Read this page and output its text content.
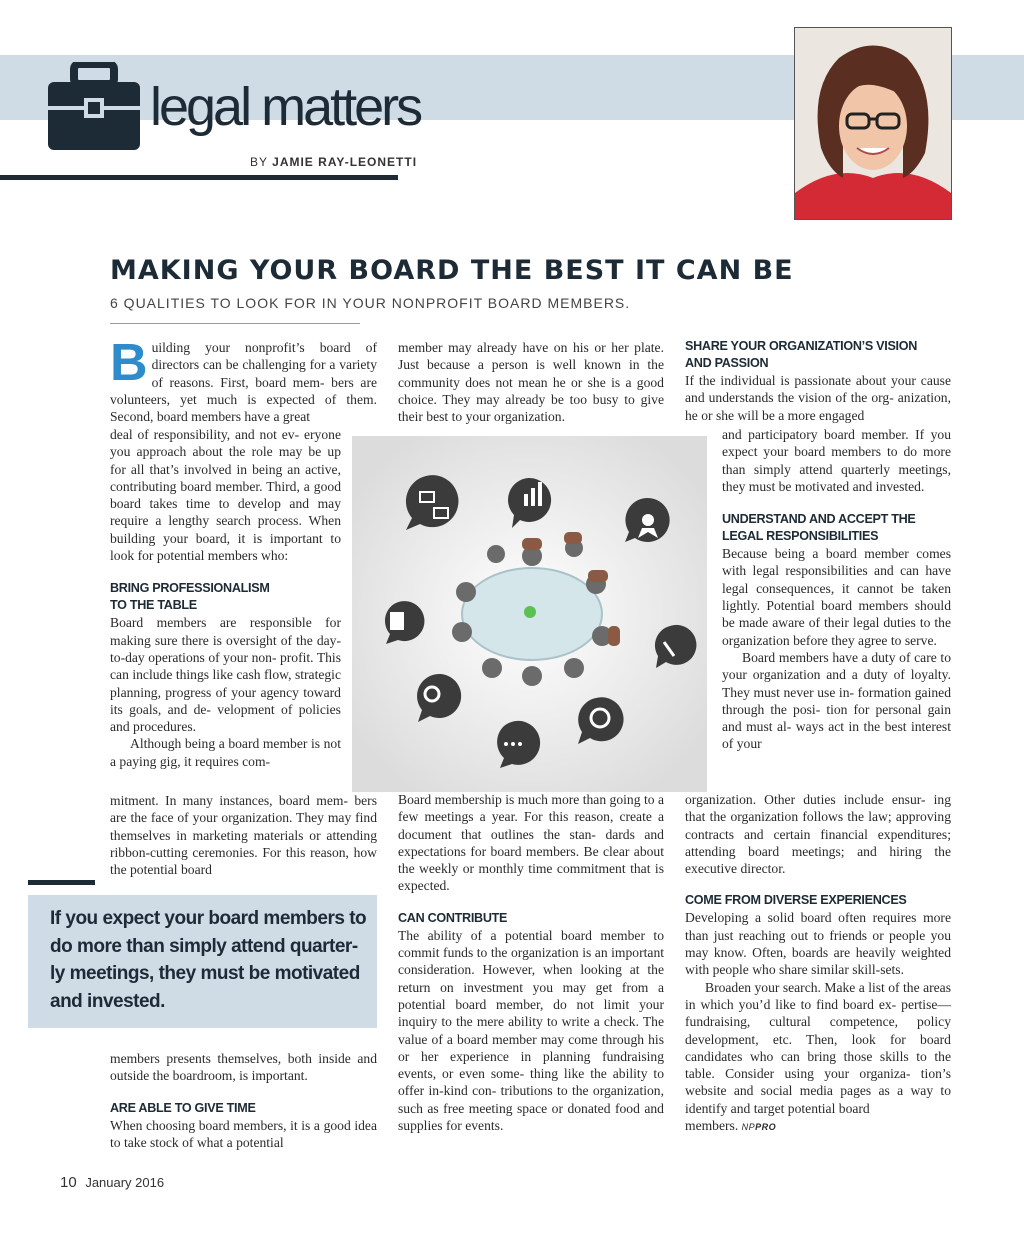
legal matters
BY JAMIE RAY-LEONETTI
MAKING YOUR BOARD THE BEST IT CAN BE
6 QUALITIES TO LOOK FOR IN YOUR NONPROFIT BOARD MEMBERS.
B uilding your nonprofit’s board of directors can be challenging for a variety of reasons. First, board mem- bers are volunteers, yet much is expected of them. Second, board members have a great

deal of responsibility, and not ev- eryone you approach about the role may be up for all that’s involved in being an active, contributing board member. Third, a good board takes time to develop and may require a lengthy search process. When building your board, it is important to look for potential members who:

BRING PROFESSIONALISM
TO THE TABLE

Board members are responsible for making sure there is oversight of the day-to-day operations of your non- profit. This can include things like cash flow, strategic planning, progress of your agency toward its goals, and de- velopment of policies and procedures.

Although being a board member is not a paying gig, it requires com-

mitment. In many instances, board mem- bers are the face of your organization. They may find themselves in marketing materials or attending ribbon-cutting ceremonies. For this reason, how the potential board

If you expect your board members to
do more than simply attend quarter-
ly meetings, they must be motivated
and invested.

members presents themselves, both inside and outside the boardroom, is important.

ARE ABLE TO GIVE TIME

When choosing board members, it is a good idea to take stock of what a potential

member may already have on his or her plate. Just because a person is well known in the community does not mean he or she is a good choice. They may already be too busy to give their best to your organization.

Board membership is much more than going to a few meetings a year. For this reason, create a document that outlines the stan- dards and expectations for board members. Be clear about the weekly or monthly time commitment that is expected.

CAN CONTRIBUTE

The ability of a potential board member to commit funds to the organization is an important consideration. However, when looking at the return on investment you may get from a potential board member, do not limit your inquiry to the mere ability to write a check. The value of a board member may come through his or her experience in planning fundraising events, or even some- thing like the ability to offer in-kind con- tributions to the organization, such as free meeting space or donated food and supplies for events.

SHARE YOUR ORGANIZATION’S VISION
AND PASSION

If the individual is passionate about your cause and understands the vision of the org- anization, he or she will be a more engaged

and participatory board member. If you expect your board members to do more than simply attend quarterly meetings, they must be motivated and invested.

UNDERSTAND AND ACCEPT THE
LEGAL RESPONSIBILITIES

Because being a board member comes with legal responsibilities and can have legal consequences, it cannot be taken lightly. Potential board members should be made aware of their legal duties to the organization before they agree to serve.

Board members have a duty of care to your organization and a duty of loyalty. They must never use in- formation gained through the posi- tion for personal gain and must al- ways act in the best interest of your

organization. Other duties include ensur- ing that the organization follows the law; approving contracts and certain financial expenditures; attending board meetings; and hiring the executive director.

COME FROM DIVERSE EXPERIENCES

Developing a solid board often requires more than just reaching out to friends or people you may know. Often, boards are heavily weighted with people who share similar skill-sets.

Broaden your search. Make a list of the areas in which you’d like to find board ex- pertise—fundraising, cultural competence, policy development, etc. Then, look for board candidates who can bring those skills to the table. Consider using your organiza- tion’s website and social media pages as a way to identify and target potential board

members. NPPRO

10 January 2016
